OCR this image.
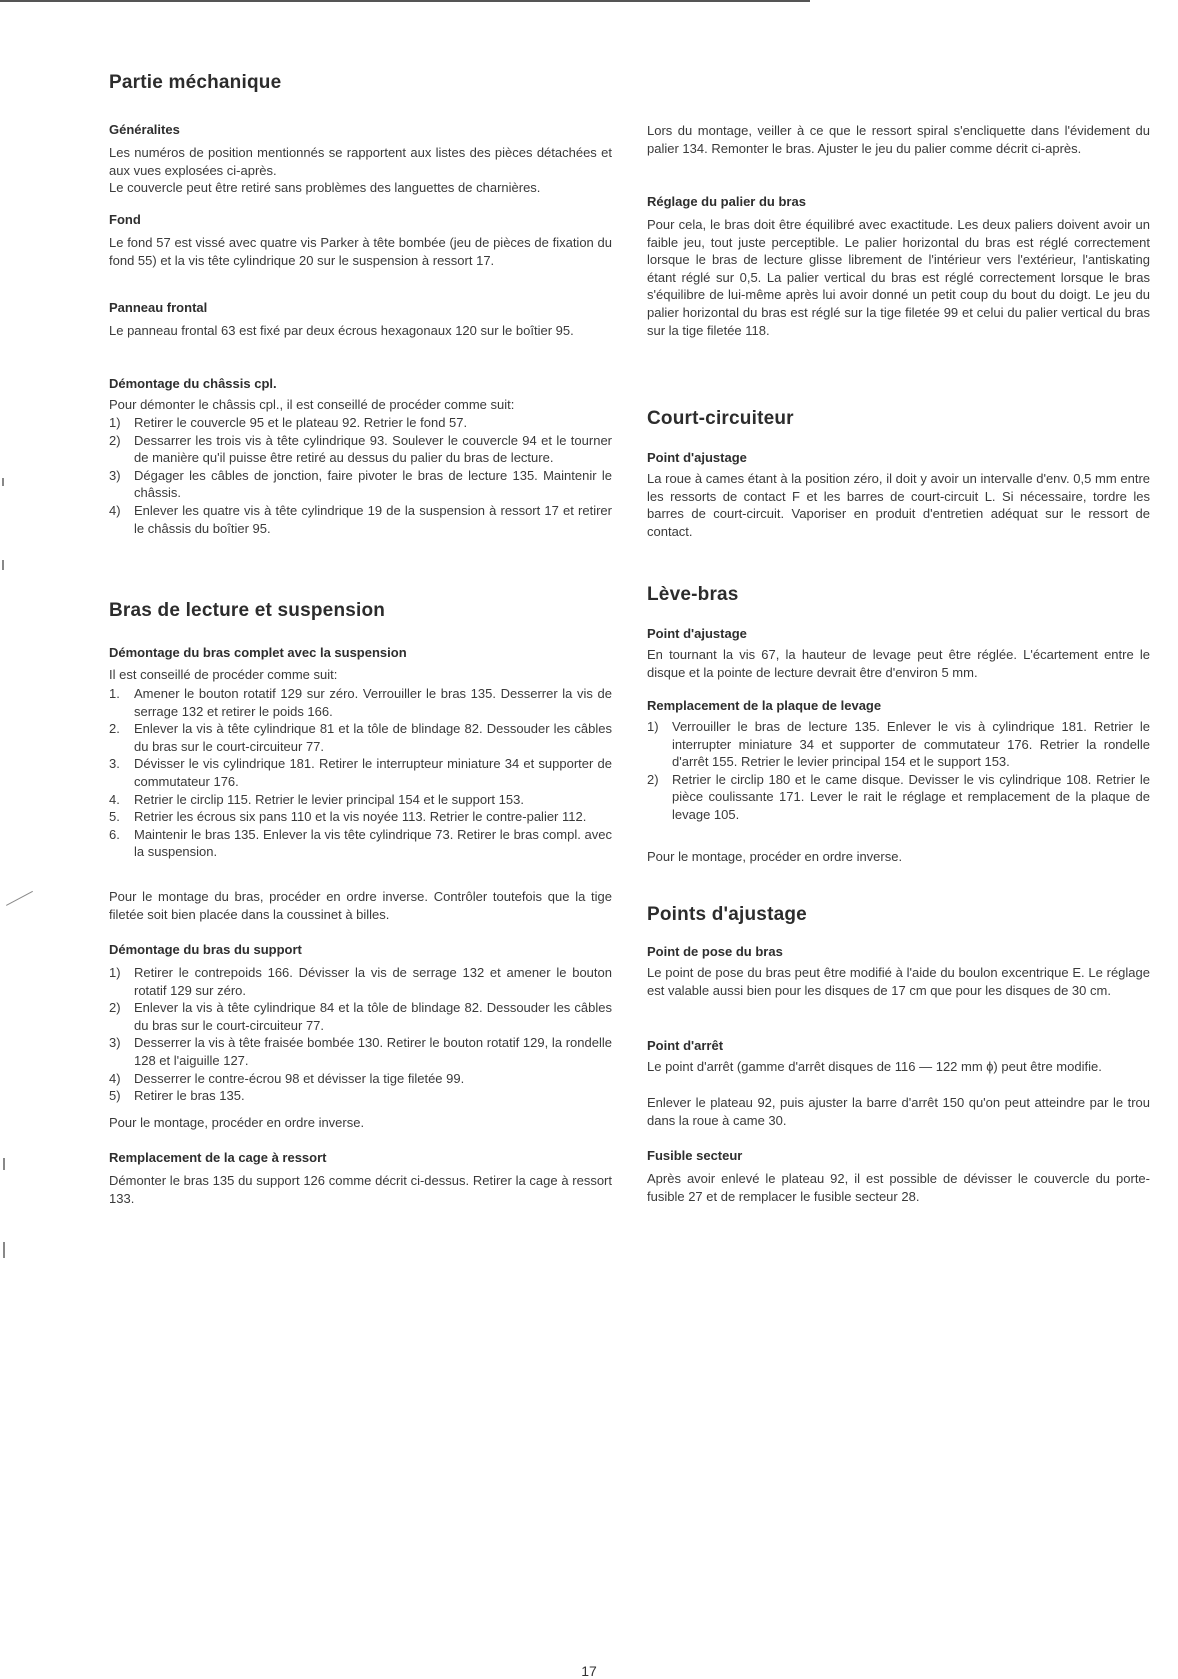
Partie méchanique
Généralites

Les numéros de position mentionnés se rapportent aux listes des pièces détachées et aux vues explosées ci-après.

Le couvercle peut être retiré sans problèmes des languettes de charnières.

Fond

Le fond 57 est vissé avec quatre vis Parker à tête bombée (jeu de pièces de fixation du fond 55) et la vis tête cylindrique 20 sur le suspension à ressort 17.

Panneau frontal

Le panneau frontal 63 est fixé par deux écrous hexagonaux 120 sur le boîtier 95.

Démontage du châssis cpl.

Pour démonter le châssis cpl., il est conseillé de procéder comme suit:

1) Retirer le couvercle 95 et le plateau 92. Retrier le fond 57.
2) Dessarrer les trois vis à tête cylindrique 93. Soulever le couvercle 94 et le tourner de manière qu'il puisse être retiré au dessus du palier du bras de lecture.
3) Dégager les câbles de jonction, faire pivoter le bras de lecture 135. Maintenir le châssis.
4) Enlever les quatre vis à tête cylindrique 19 de la suspension à ressort 17 et retirer le châssis du boîtier 95.
Bras de lecture et suspension
Démontage du bras complet avec la suspension

Il est conseillé de procéder comme suit:

1. Amener le bouton rotatif 129 sur zéro. Verrouiller le bras 135. Desserrer la vis de serrage 132 et retirer le poids 166.
2. Enlever la vis à tête cylindrique 81 et la tôle de blindage 82. Dessouder les câbles du bras sur le court-circuiteur 77.
3. Dévisser le vis cylindrique 181. Retirer le interrupteur miniature 34 et supporter de commutateur 176.
4. Retrier le circlip 115. Retrier le levier principal 154 et le support 153.
5. Retrier les écrous six pans 110 et la vis noyée 113. Retrier le contre-palier 112.
6. Maintenir le bras 135. Enlever la vis tête cylindrique 73. Retirer le bras compl. avec la suspension.

Pour le montage du bras, procéder en ordre inverse. Contrôler toutefois que la tige filetée soit bien placée dans la coussinet à billes.

Démontage du bras du support
1) Retirer le contrepoids 166. Dévisser la vis de serrage 132 et amener le bouton rotatif 129 sur zéro.
2) Enlever la vis à tête cylindrique 84 et la tôle de blindage 82. Dessouder les câbles du bras sur le court-circuiteur 77.
3) Desserrer la vis à tête fraisée bombée 130. Retirer le bouton rotatif 129, la rondelle 128 et l'aiguille 127.
4) Desserrer le contre-écrou 98 et dévisser la tige filetée 99.
5) Retirer le bras 135.

Pour le montage, procéder en ordre inverse.

Remplacement de la cage à ressort

Démonter le bras 135 du support 126 comme décrit ci-dessus. Retirer la cage à ressort 133.

Lors du montage, veiller à ce que le ressort spiral s'encliquette dans l'évidement du palier 134. Remonter le bras. Ajuster le jeu du palier comme décrit ci-après.

Réglage du palier du bras

Pour cela, le bras doit être équilibré avec exactitude. Les deux paliers doivent avoir un faible jeu, tout juste perceptible. Le palier horizontal du bras est réglé correctement lorsque le bras de lecture glisse librement de l'intérieur vers l'extérieur, l'antiskating étant réglé sur 0,5. La palier vertical du bras est réglé correctement lorsque le bras s'équilibre de lui-même après lui avoir donné un petit coup du bout du doigt. Le jeu du palier horizontal du bras est réglé sur la tige filetée 99 et celui du palier vertical du bras sur la tige filetée 118.

Court-circuiteur
Point d'ajustage

La roue à cames étant à la position zéro, il doit y avoir un intervalle d'env. 0,5 mm entre les ressorts de contact F et les barres de court-circuit L. Si nécessaire, tordre les barres de court-circuit. Vaporiser en produit d'entretien adéquat sur le ressort de contact.

Lève-bras
Point d'ajustage

En tournant la vis 67, la hauteur de levage peut être réglée. L'écartement entre le disque et la pointe de lecture devrait être d'environ 5 mm.

Remplacement de la plaque de levage
1) Verrouiller le bras de lecture 135. Enlever le vis à cylindrique 181. Retrier le interrupter miniature 34 et supporter de commutateur 176. Retrier la rondelle d'arrêt 155. Retrier le levier principal 154 et le support 153.
2) Retrier le circlip 180 et le came disque. Devisser le vis cylindrique 108. Retrier le pièce coulissante 171. Lever le rait le réglage et remplacement de la plaque de levage 105.

Pour le montage, procéder en ordre inverse.

Points d'ajustage
Point de pose du bras

Le point de pose du bras peut être modifié à l'aide du boulon excentrique E. Le réglage est valable aussi bien pour les disques de 17 cm que pour les disques de 30 cm.

Point d'arrêt

Le point d'arrêt (gamme d'arrêt disques de 116 — 122 mm ɸ) peut être modifie.

Enlever le plateau 92, puis ajuster la barre d'arrêt 150 qu'on peut atteindre par le trou dans la roue à came 30.

Fusible secteur

Après avoir enlevé le plateau 92, il est possible de dévisser le couvercle du porte-fusible 27 et de remplacer le fusible secteur 28.

17
